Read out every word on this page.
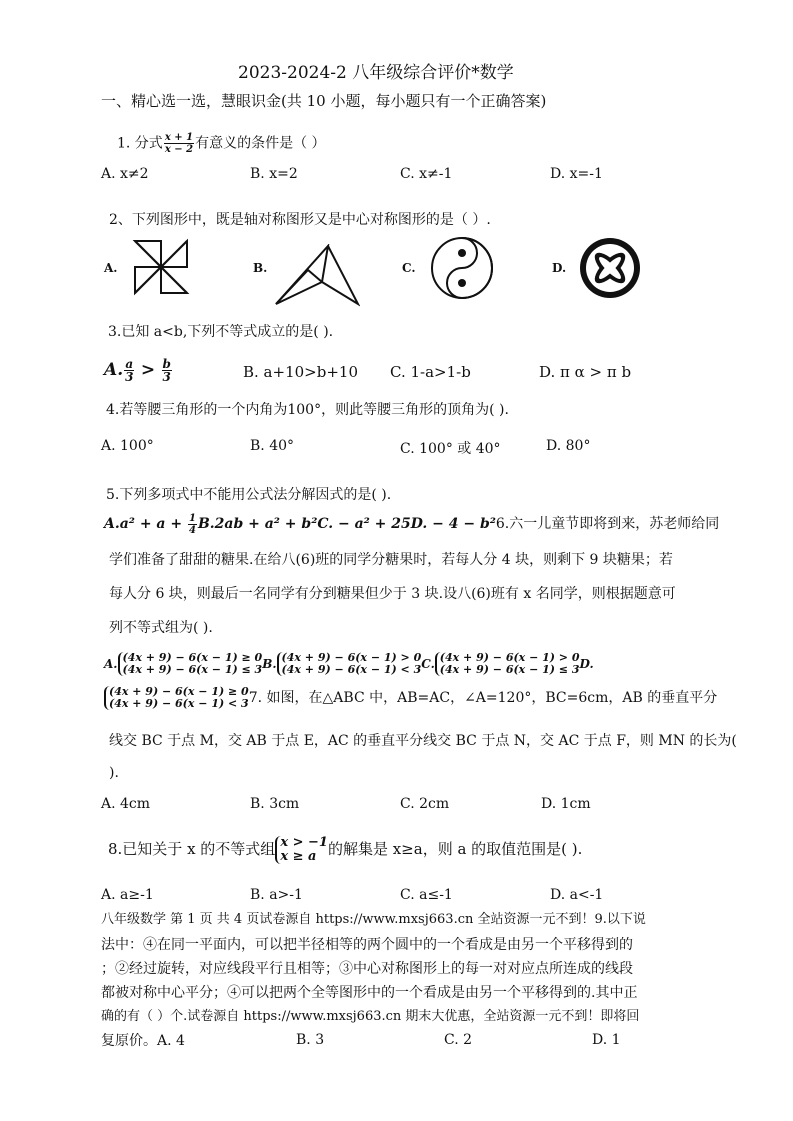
2023-2024-2 八年级综合评价*数学
一、精心选一选，慧眼识金(共 10 小题，每小题只有一个正确答案)
1. 分式 $\frac{x + 1}{x - 2}$ 有意义的条件是（ ）
A. x≠2	B. x=2	C. x≠-1	D. x=-1
2、下列图形中，既是轴对称图形又是中心对称图形的是（ ）.
A.	B.	C.	D.
3.已知 a<b,下列不等式成立的是( ).
A. $\frac{a}{3} > \frac{b}{3}$	B. a+10>b+10 C. 1-a>1-b	D. π α > π b
4.若等腰三角形的一个内角为100°，则此等腰三角形的顶角为( ).
A. 100°	B. 40°	C. 100° 或 40°	D. 80°
5.下列多项式中不能用公式法分解因式的是( ).
$A.a^2 + a + \frac{1}{4} B.2ab + a^2 + b^2C$. − a² + 25D. − 4 − b²6.六一儿童节即将到来，苏老师给同
学们准备了甜甜的糖果.在给八(6)班的同学分糖果时，若每人分 4 块，则剩下 9 块糖果；若
每人分 6 块，则最后一名同学有分到糖果但少于 3 块.设八(6)班有 x 名同学，则根据题意可
列不等式组为( ).
A. (4x + 9) − 6(x − 1) ≥ 0
(4x + 9) − 6(x − 1) ≤ 3 B. (4x + 9) − 6(x − 1) > 0
(4x + 9) − 6(x − 1) < 3 C. (4x + 9) − 6(x − 1) > 0
(4x + 9) − 6(x − 1) ≤ 3 D.
(4x + 9) − 6(x − 1) ≥ 0
(4x + 9) − 6(x − 1) < 3 7. 如图，在△ABC 中，AB=AC，∠A=120°，BC=6cm，AB 的垂直平分
线交 BC 于点 M，交 AB 于点 E，AC 的垂直平分线交 BC 于点 N，交 AC 于点 F，则 MN 的长为(
).
A. 4cm	B. 3cm	C. 2cm	D. 1cm
8.已知关于 x 的不等式组 x > −1
x ≥ a 的解集是 x≥a，则 a 的取值范围是( ).
A. a≥-1	B. a>-1	C. a≤-1	D. a<-1
八年级数学 第 1 页 共 4 页试卷源自 https://www.mxsj663.cn 全站资源一元不到！9.以下说
法中：④在同一平面内，可以把半径相等的两个圆中的一个看成是由另一个平移得到的
；②经过旋转，对应线段平行且相等；③中心对称图形上的每一对对应点所连成的线段
都被对称中心平分；④可以把两个全等图形中的一个看成是由另一个平移得到的.其中正
确的有（ ）个.试卷源自 https://www.mxsj663.cn 期末大优惠，全站资源一元不到！即将回
复原价。A. 4	B. 3	C. 2	D. 1
